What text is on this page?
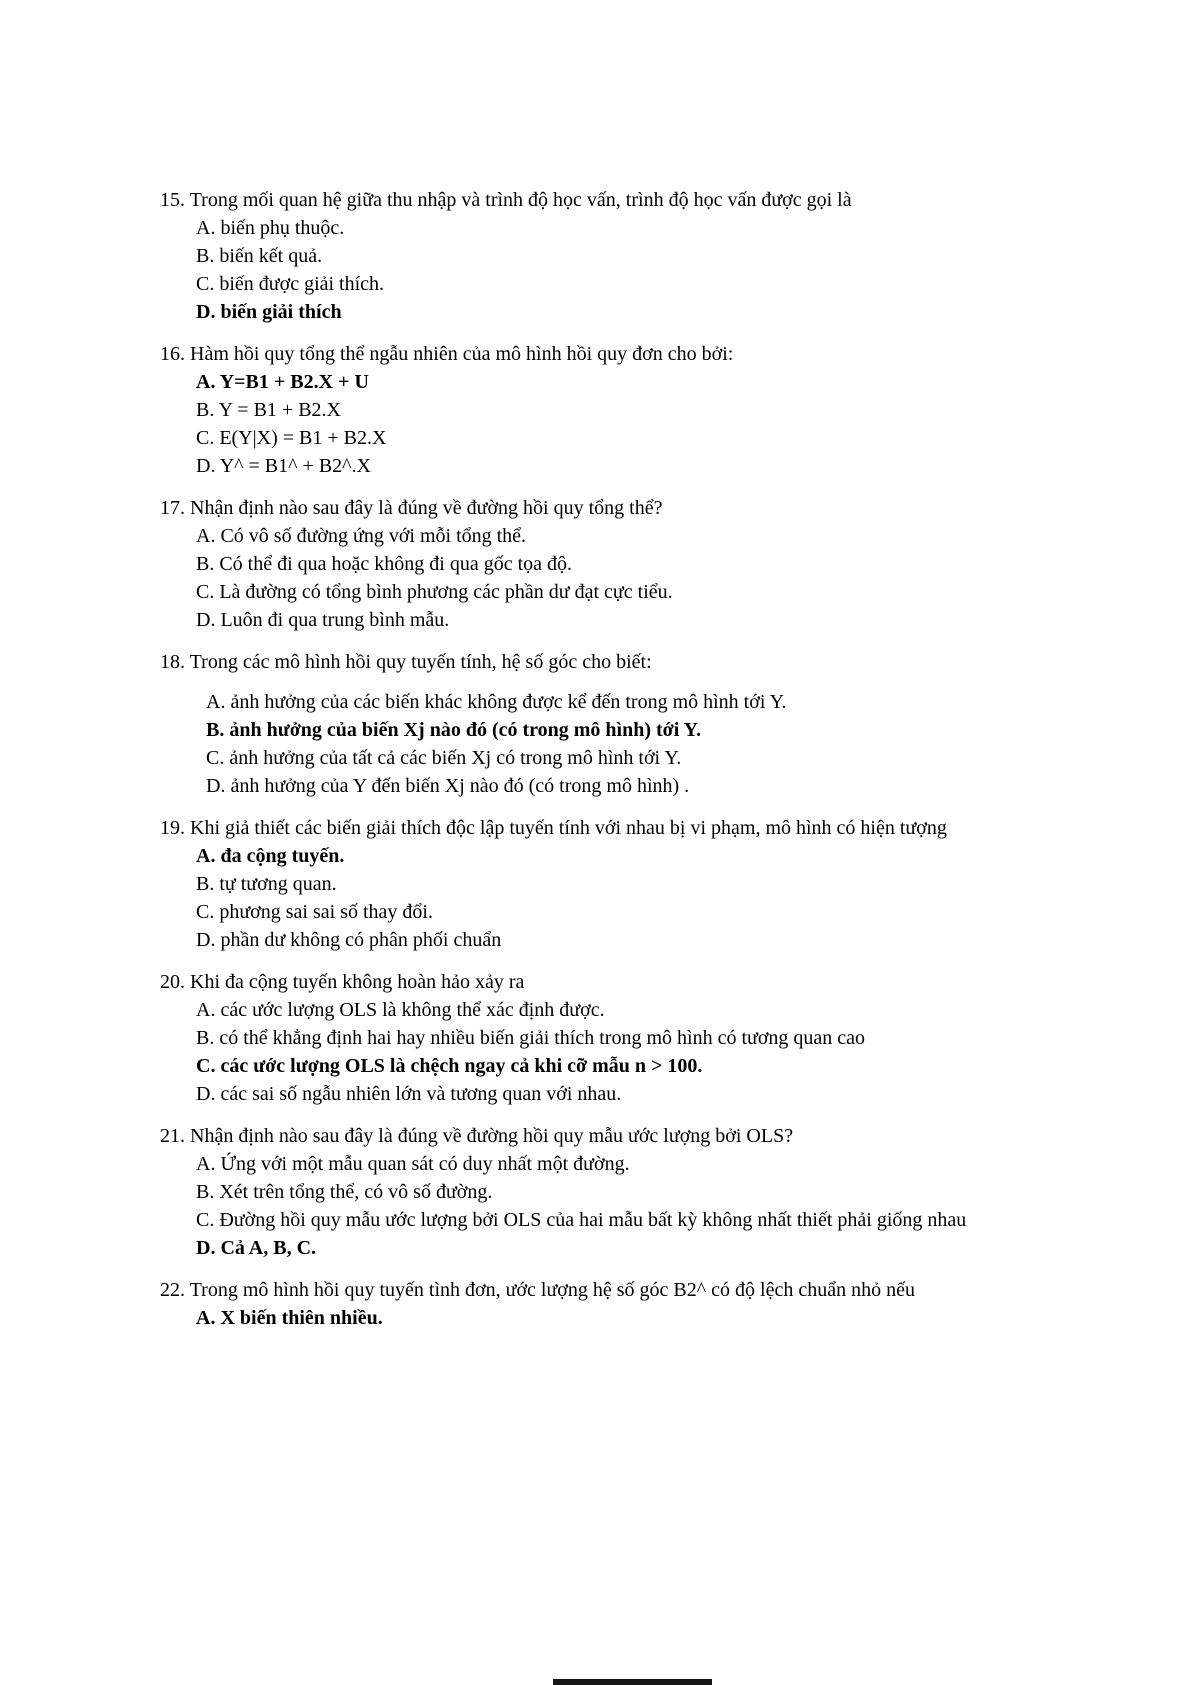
15. Trong mối quan hệ giữa thu nhập và trình độ học vấn, trình độ học vấn được gọi là
A. biến phụ thuộc.
B. biến kết quả.
C. biến được giải thích.
D. biến giải thích
16. Hàm hồi quy tổng thể ngẫu nhiên của mô hình hồi quy đơn cho bởi:
A. Y=B1 + B2.X + U
B. Y = B1 + B2.X
C. E(Y|X) = B1 + B2.X
D. Y^ = B1^ + B2^.X
17. Nhận định nào sau đây là đúng về đường hồi quy tổng thể?
A. Có vô số đường ứng với mỗi tổng thể.
B. Có thể đi qua hoặc không đi qua gốc tọa độ.
C. Là đường có tổng bình phương các phần dư đạt cực tiểu.
D. Luôn đi qua trung bình mẫu.
18. Trong các mô hình hồi quy tuyến tính, hệ số góc cho biết:
A. ảnh hưởng của các biến khác không được kể đến trong mô hình tới Y.
B. ảnh hưởng của biến Xj nào đó (có trong mô hình) tới Y.
C. ảnh hưởng của tất cả các biến Xj có trong mô hình tới Y.
D. ảnh hưởng của Y đến biến Xj nào đó (có trong mô hình) .
19. Khi giả thiết các biến giải thích độc lập tuyến tính với nhau bị vi phạm, mô hình có hiện tượng
A. đa cộng tuyến.
B. tự tương quan.
C. phương sai sai số thay đổi.
D. phần dư không có phân phối chuẩn
20. Khi đa cộng tuyến không hoàn hảo xảy ra
A. các ước lượng OLS là không thể xác định được.
B. có thể khẳng định hai hay nhiều biến giải thích trong mô hình có tương quan cao
C. các ước lượng OLS là chệch ngay cả khi cỡ mẫu n > 100.
D. các sai số ngẫu nhiên lớn và tương quan với nhau.
21. Nhận định nào sau đây là đúng về đường hồi quy mẫu ước lượng bởi OLS?
A. Ứng với một mẫu quan sát có duy nhất một đường.
B. Xét trên tổng thể, có vô số đường.
C. Đường hồi quy mẫu ước lượng bởi OLS của hai mẫu bất kỳ không nhất thiết phải giống nhau
D. Cả A, B, C.
22. Trong mô hình hồi quy tuyến tình đơn, ước lượng hệ số góc B2^ có độ lệch chuẩn nhỏ nếu
A. X biến thiên nhiều.
